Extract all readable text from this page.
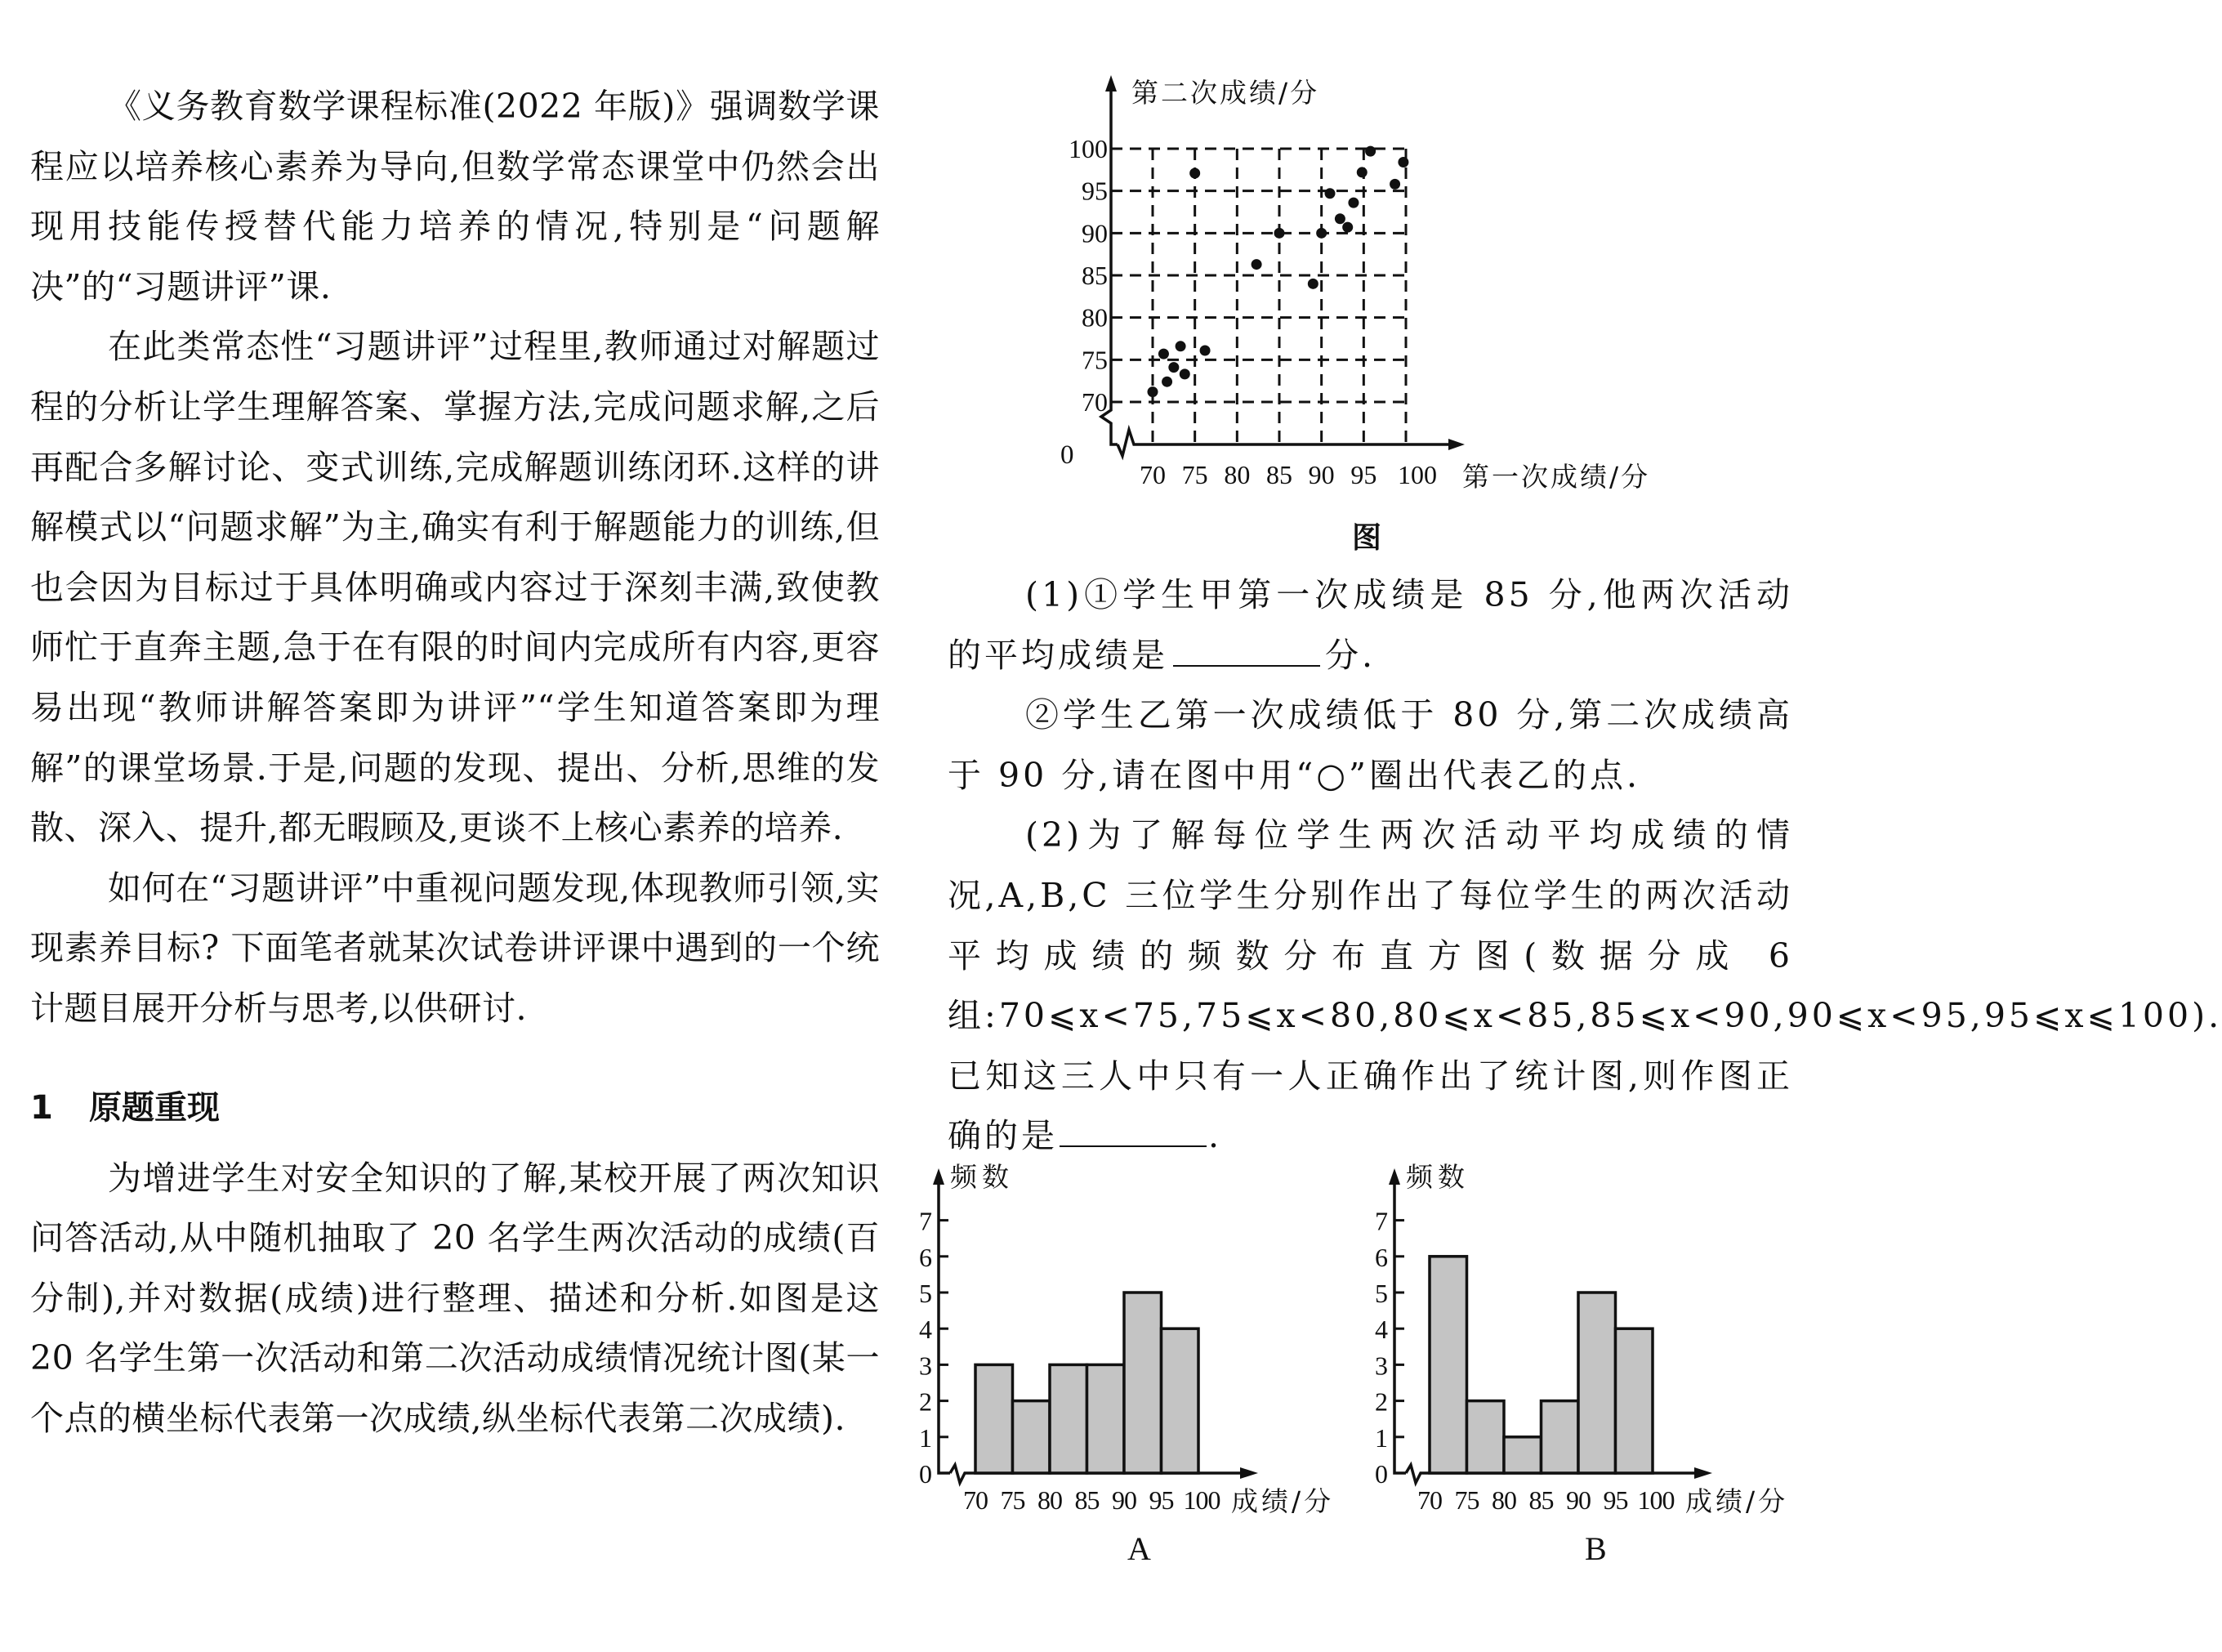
《义务教育数学课程标准(2022 年版)》强调数学课程应以培养核心素养为导向,但数学常态课堂中仍然会出现用技能传授替代能力培养的情况,特别是“问题解决”的“习题讲评”课.

在此类常态性“习题讲评”过程里,教师通过对解题过程的分析让学生理解答案、掌握方法,完成问题求解,之后再配合多解讨论、变式训练,完成解题训练闭环.这样的讲解模式以“问题求解”为主,确实有利于解题能力的训练,但也会因为目标过于具体明确或内容过于深刻丰满,致使教师忙于直奔主题,急于在有限的时间内完成所有内容,更容易出现“教师讲解答案即为讲评”“学生知道答案即为理解”的课堂场景.于是,问题的发现、提出、分析,思维的发散、深入、提升,都无暇顾及,更谈不上核心素养的培养.

如何在“习题讲评”中重视问题发现,体现教师引领,实现素养目标? 下面笔者就某次试卷讲评课中遇到的一个统计题目展开分析与思考,以供研讨.

1 原题重现

为增进学生对安全知识的了解,某校开展了两次知识问答活动,从中随机抽取了 20 名学生两次活动的成绩(百分制),并对数据(成绩)进行整理、描述和分析.如图是这 20 名学生第一次活动和第二次活动成绩情况统计图(某一个点的横坐标代表第一次成绩,纵坐标代表第二次成绩).

70
75
80
85
90
95
100
70 75 80 85 90 95 100
第二次成绩/分
第一次成绩/分
0
图

(1)①学生甲第一次成绩是 85 分,他两次活动的平均成绩是	分.

②学生乙第一次成绩低于 80 分,第二次成绩高于 90 分,请在图中用“○”圈出代表乙的点.

(2)为了解每位学生两次活动平均成绩的情况,A,B,C 三位学生分别作出了每位学生的两次活动平均成绩的频数分布直方图(数据分成 6 组:70⩽x<75,75⩽x<80,80⩽x<85,85⩽x<90,90⩽x<95,95⩽x⩽100).已知这三人中只有一人正确作出了统计图,则作图正确的是	.

频数
0
1
2
3
4
5
6
7
70 75 80 85 90 95 100 成绩/分
A
频数
0
1
2
3
4
5
6
7
70 75 80 85 90 95 100 成绩/分
B
